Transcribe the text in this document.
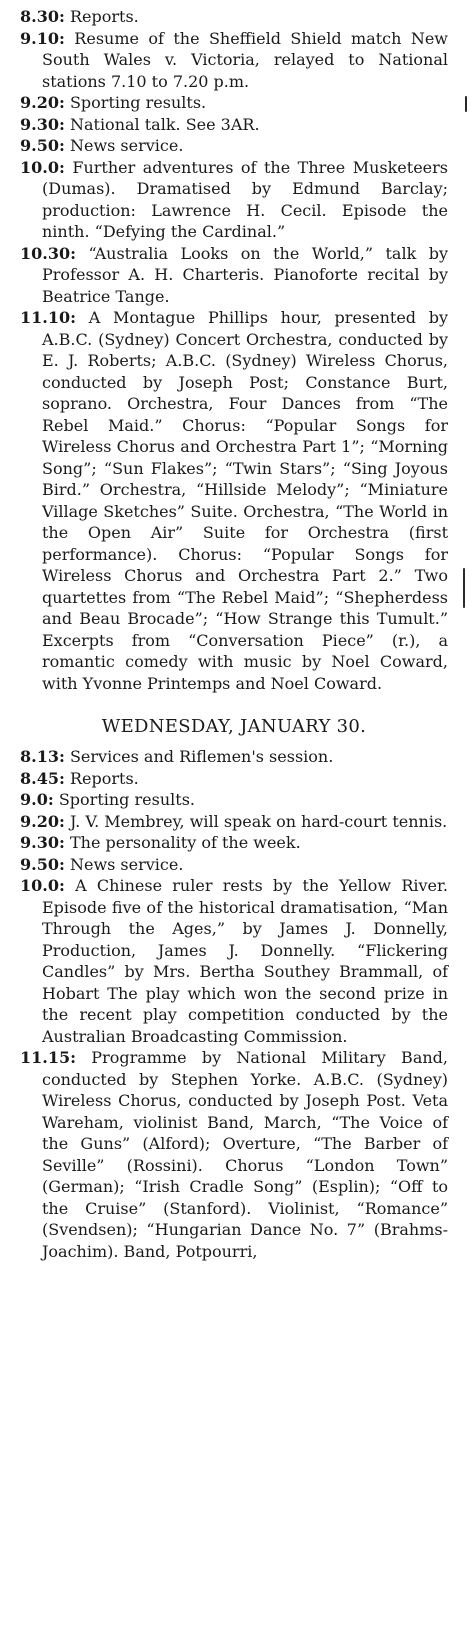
8.30: Reports.

9.10: Resume of the Sheffield Shield match New South Wales v. Victoria, relayed to National stations 7.10 to 7.20 p.m.

9.20: Sporting results.

9.30: National talk. See 3AR.

9.50: News service.

10.0: Further adventures of the Three Musketeers (Dumas). Dramatised by Edmund Barclay; production: Lawrence H. Cecil. Episode the ninth. “Defying the Cardinal.”

10.30: “Australia Looks on the World,” talk by Professor A. H. Charteris. Pianoforte recital by Beatrice Tange.

11.10: A Montague Phillips hour, presented by A.B.C. (Sydney) Concert Orchestra, conducted by E. J. Roberts; A.B.C. (Sydney) Wireless Chorus, conducted by Joseph Post; Constance Burt, soprano. Orchestra, Four Dances from “The Rebel Maid.” Chorus: “Popular Songs for Wireless Chorus and Orchestra Part 1”; “Morning Song”; “Sun Flakes”; “Twin Stars”; “Sing Joyous Bird.” Orchestra, “Hillside Melody”; “Miniature Village Sketches” Suite. Orchestra, “The World in the Open Air” Suite for Orchestra (first performance). Chorus: “Popular Songs for Wireless Chorus and Orchestra Part 2.” Two quartettes from “The Rebel Maid”; “Shepherdess and Beau Brocade”; “How Strange this Tumult.” Excerpts from “Conversation Piece” (r.), a romantic comedy with music by Noel Coward, with Yvonne Printemps and Noel Coward.

WEDNESDAY, JANUARY 30.

8.13: Services and Riflemen's session.

8.45: Reports.

9.0: Sporting results.

9.20: J. V. Membrey, will speak on hard-court tennis.

9.30: The personality of the week.

9.50: News service.

10.0: A Chinese ruler rests by the Yellow River. Episode five of the historical dramatisation, “Man Through the Ages,” by James J. Donnelly, Production, James J. Donnelly. “Flickering Candles” by Mrs. Bertha Southey Brammall, of Hobart The play which won the second prize in the recent play competition conducted by the Australian Broadcasting Commission.

11.15: Programme by National Military Band, conducted by Stephen Yorke. A.B.C. (Sydney) Wireless Chorus, conducted by Joseph Post. Veta Wareham, violinist Band, March, “The Voice of the Guns” (Alford); Overture, “The Barber of Seville” (Rossini). Chorus “London Town” (German); “Irish Cradle Song” (Esplin); “Off to the Cruise” (Stanford). Violinist, “Romance” (Svendsen); “Hungarian Dance No. 7” (Brahms-Joachim). Band, Potpourri,
